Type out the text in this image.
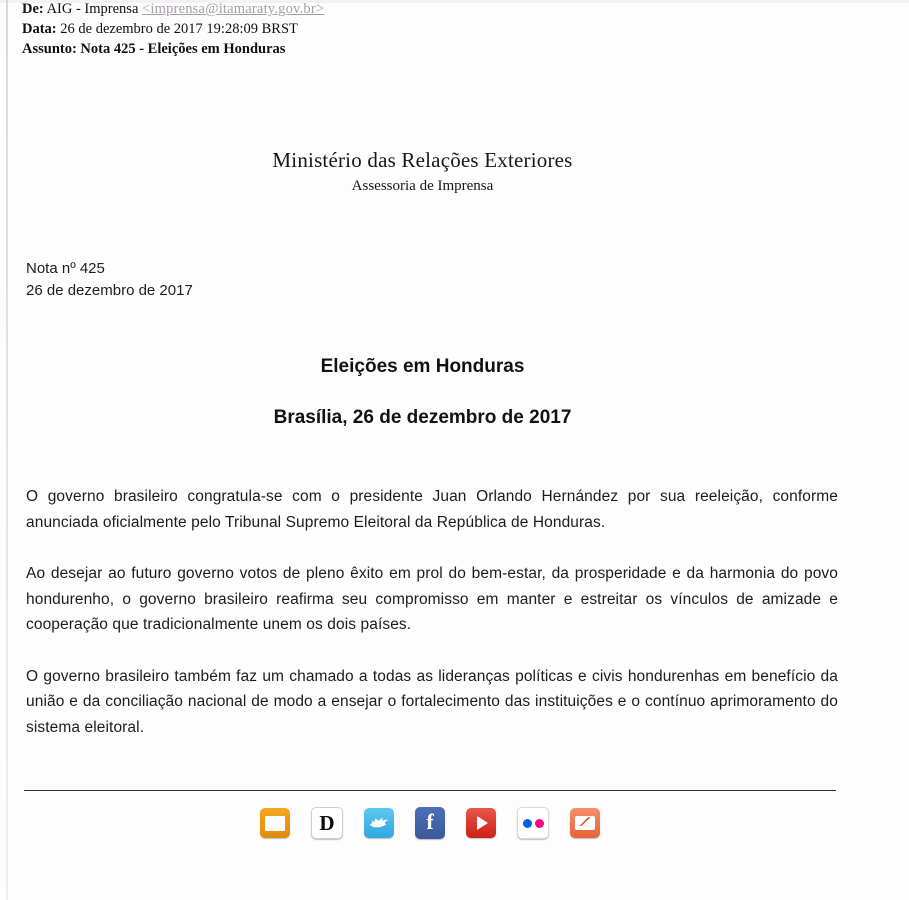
De: AIG - Imprensa <imprensa@itamaraty.gov.br>
Data: 26 de dezembro de 2017 19:28:09 BRST
Assunto: Nota 425 - Eleições em Honduras
Ministério das Relações Exteriores
Assessoria de Imprensa
Nota nº 425
26 de dezembro de 2017
Eleições em Honduras
Brasília, 26 de dezembro de 2017

O governo brasileiro congratula-se com o presidente Juan Orlando Hernández por sua reeleição, conforme anunciada oficialmente pelo Tribunal Supremo Eleitoral da República de Honduras.

Ao desejar ao futuro governo votos de pleno êxito em prol do bem-estar, da prosperidade e da harmonia do povo hondurenho, o governo brasileiro reafirma seu compromisso em manter e estreitar os vínculos de amizade e cooperação que tradicionalmente unem os dois países.

O governo brasileiro também faz um chamado a todas as lideranças políticas e civis hondurenhas em benefício da união e da conciliação nacional de modo a ensejar o fortalecimento das instituições e o contínuo aprimoramento do sistema eleitoral.

D	f
